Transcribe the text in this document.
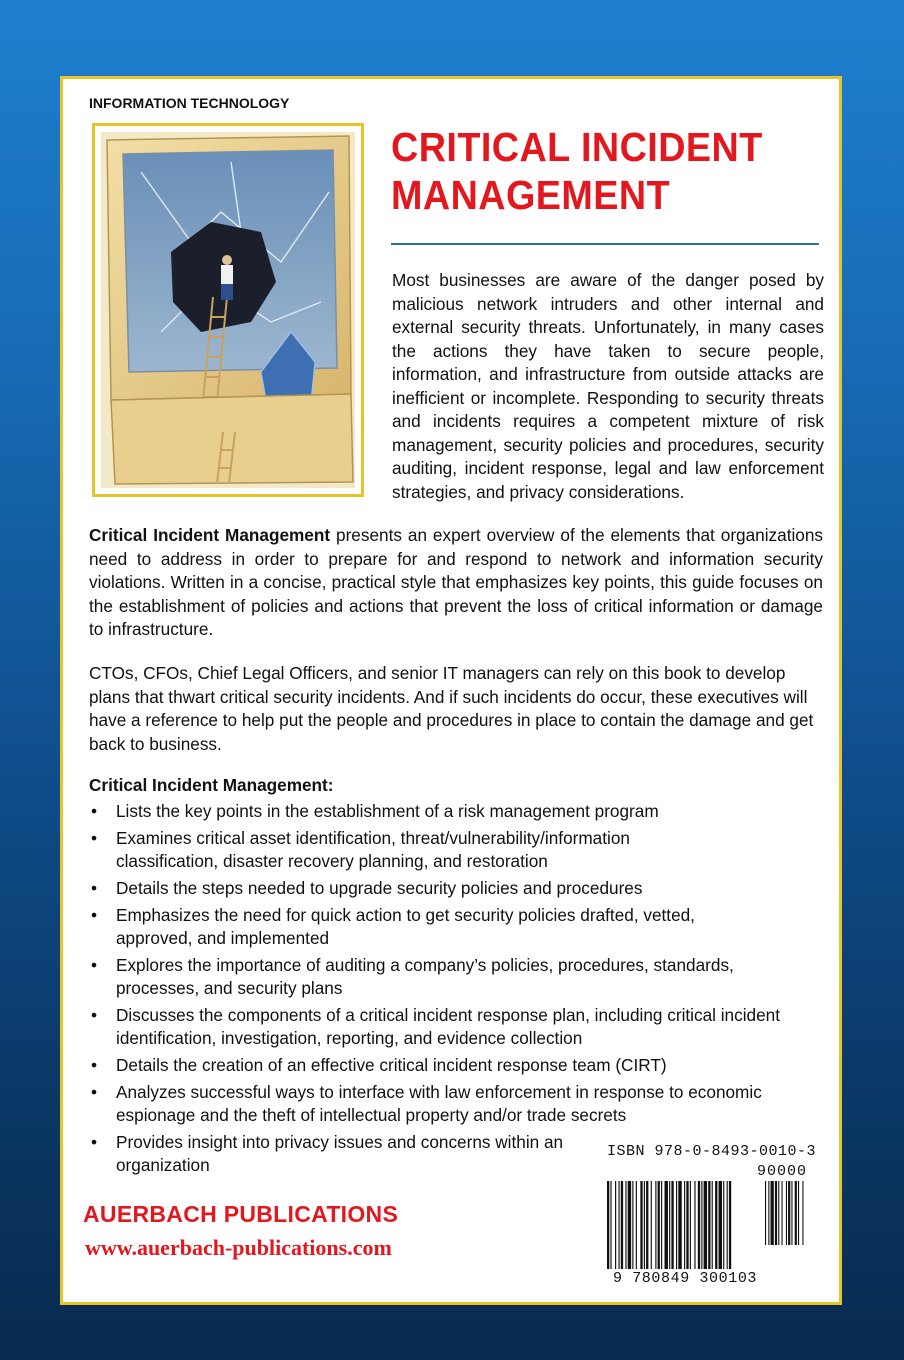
INFORMATION TECHNOLOGY
CRITICAL INCIDENT
MANAGEMENT

Most businesses are aware of the danger posed by malicious network intruders and other internal and external security threats. Unfortunately, in many cases the actions they have taken to secure people, information, and infrastructure from outside attacks are inefficient or incomplete. Responding to security threats and incidents requires a competent mixture of risk management, security policies and procedures, security auditing, incident response, legal and law enforcement strategies, and privacy considerations.

Critical Incident Management presents an expert overview of the elements that organizations need to address in order to prepare for and respond to network and information security violations. Written in a concise, practical style that emphasizes key points, this guide focuses on the establishment of policies and actions that prevent the loss of critical information or damage to infrastructure.

CTOs, CFOs, Chief Legal Officers, and senior IT managers can rely on this book to develop plans that thwart critical security incidents. And if such incidents do occur, these executives will have a reference to help put the people and procedures in place to contain the damage and get back to business.

Critical Incident Management:
• Lists the key points in the establishment of a risk management program
• Examines critical asset identification, threat/vulnerability/information classification, disaster recovery planning, and restoration
• Details the steps needed to upgrade security policies and procedures
• Emphasizes the need for quick action to get security policies drafted, vetted, approved, and implemented
• Explores the importance of auditing a company’s policies, procedures, standards, processes, and security plans
• Discusses the components of a critical incident response plan, including critical incident identification, investigation, reporting, and evidence collection
• Details the creation of an effective critical incident response team (CIRT)
• Analyzes successful ways to interface with law enforcement in response to economic espionage and the theft of intellectual property and/or trade secrets
• Provides insight into privacy issues and concerns within an organization
AUERBACH PUBLICATIONS
www.auerbach-publications.com
ISBN 978-0-8493-0010-3
90000
9 780849 300103
